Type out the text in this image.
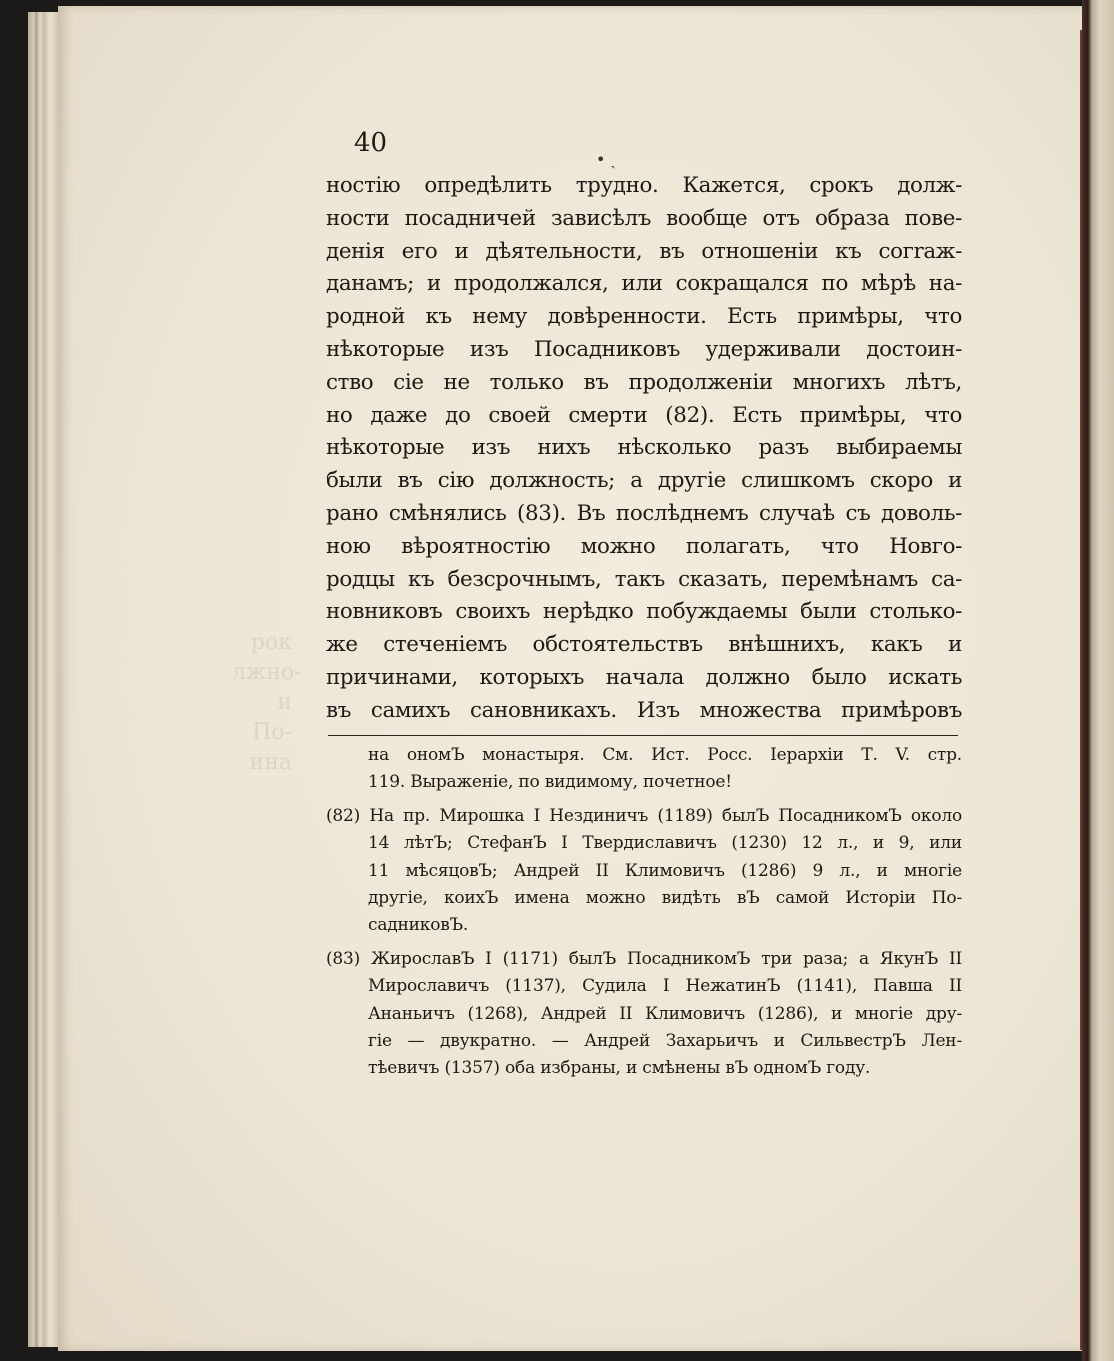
рок
лжно-
и По-
ина
40
• ˎ
ностію опредѣлить трудно. Кажется, срокъ долж-
ности посадничей зависѣлъ вообще отъ образа пове-
денія его и дѣятельности, въ отношеніи къ согraж-
данамъ; и продолжался, или сокращался по мѣрѣ на-
родной къ нему довѣренности. Есть примѣры, что
нѣкоторые изъ Посадниковъ удерживали достоин-
ство сіе не только въ продолженіи многихъ лѣтъ,
но даже до своей смерти (82). Есть примѣры, что
нѣкоторые изъ нихъ нѣсколько разъ выбираемы
были въ сію должность; а другіе слишкомъ скоро и
рано смѣнялись (83). Въ послѣднемъ случаѣ съ доволь-
ною вѣроятностію можно полагать, что Новго-
родцы къ безсрочнымъ, такъ сказать, перемѣнамъ са-
новниковъ своихъ нерѣдко побуждаемы были столько-
же стеченіемъ обстоятельствъ внѣшнихъ, какъ и
причинами, которыхъ начала должно было искать
въ самихъ сановникахъ. Изъ множества примѣровъ
на ономЪ монастыря. См. Ист. Росс. Іерархіи Т. V. стр.
119. Выраженіе, по видимому, почетное!
(82) На пр. Мирошка I Нездиничъ (1189) былЪ ПосадникомЪ около
14 лѣтЪ; СтефанЪ I Твердиславичъ (1230) 12 л., и 9, или
11 мѣсяцовЪ; Андрей II Климовичъ (1286) 9 л., и многіе
другіе, коихЪ имена можно видѣть вЪ самой Исторіи По-
садниковЪ.
(83) ЖирославЪ I (1171) былЪ ПосадникомЪ три раза; а ЯкунЪ II
Мирославичъ (1137), Судила I НежатинЪ (1141), Павша II
Ананьичъ (1268), Андрей II Климовичъ (1286), и многіе дру-
гіе — двукратно. — Андрей Захарьичъ и СильвестрЪ Лен-
тѣевичъ (1357) оба избраны, и смѣнены вЪ одномЪ году.
